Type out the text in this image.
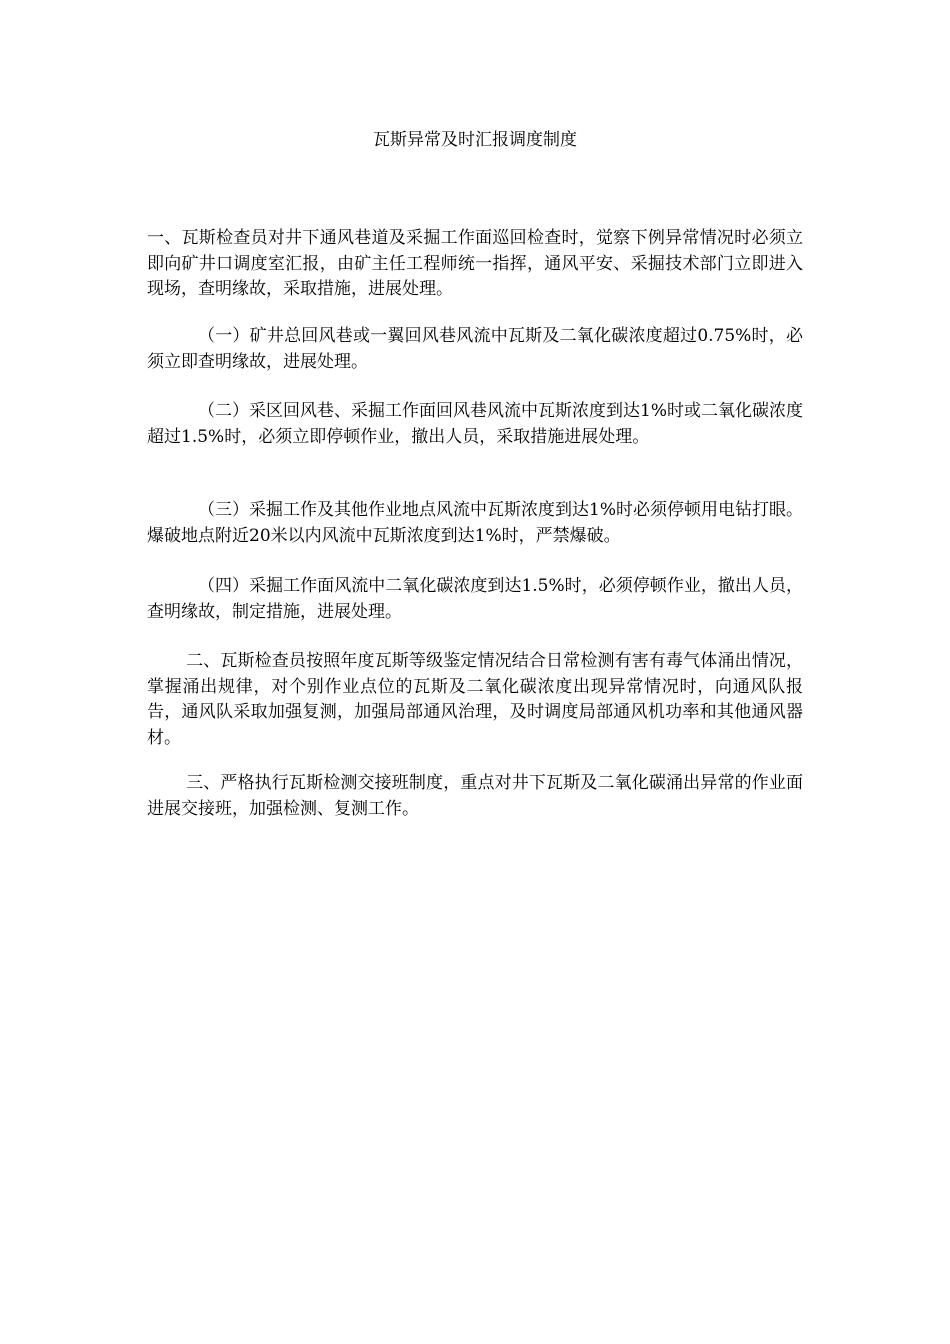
瓦斯异常及时汇报调度制度

一、瓦斯检查员对井下通风巷道及采掘工作面巡回检查时，觉察下例异常情况时必须立即向矿井口调度室汇报，由矿主任工程师统一指挥，通风平安、采掘技术部门立即进入现场，查明缘故，采取措施，进展处理。

（一）矿井总回风巷或一翼回风巷风流中瓦斯及二氧化碳浓度超过0.75%时，必须立即查明缘故，进展处理。

（二）采区回风巷、采掘工作面回风巷风流中瓦斯浓度到达1%时或二氧化碳浓度超过1.5%时，必须立即停顿作业，撤出人员，采取措施进展处理。

（三）采掘工作及其他作业地点风流中瓦斯浓度到达1%时必须停顿用电钻打眼。爆破地点附近20米以内风流中瓦斯浓度到达1%时，严禁爆破。

（四）采掘工作面风流中二氧化碳浓度到达1.5%时，必须停顿作业，撤出人员，查明缘故，制定措施，进展处理。

二、瓦斯检查员按照年度瓦斯等级鉴定情况结合日常检测有害有毒气体涌出情况，掌握涌出规律，对个别作业点位的瓦斯及二氧化碳浓度出现异常情况时，向通风队报告，通风队采取加强复测，加强局部通风治理，及时调度局部通风机功率和其他通风器材。

三、严格执行瓦斯检测交接班制度，重点对井下瓦斯及二氧化碳涌出异常的作业面进展交接班，加强检测、复测工作。
